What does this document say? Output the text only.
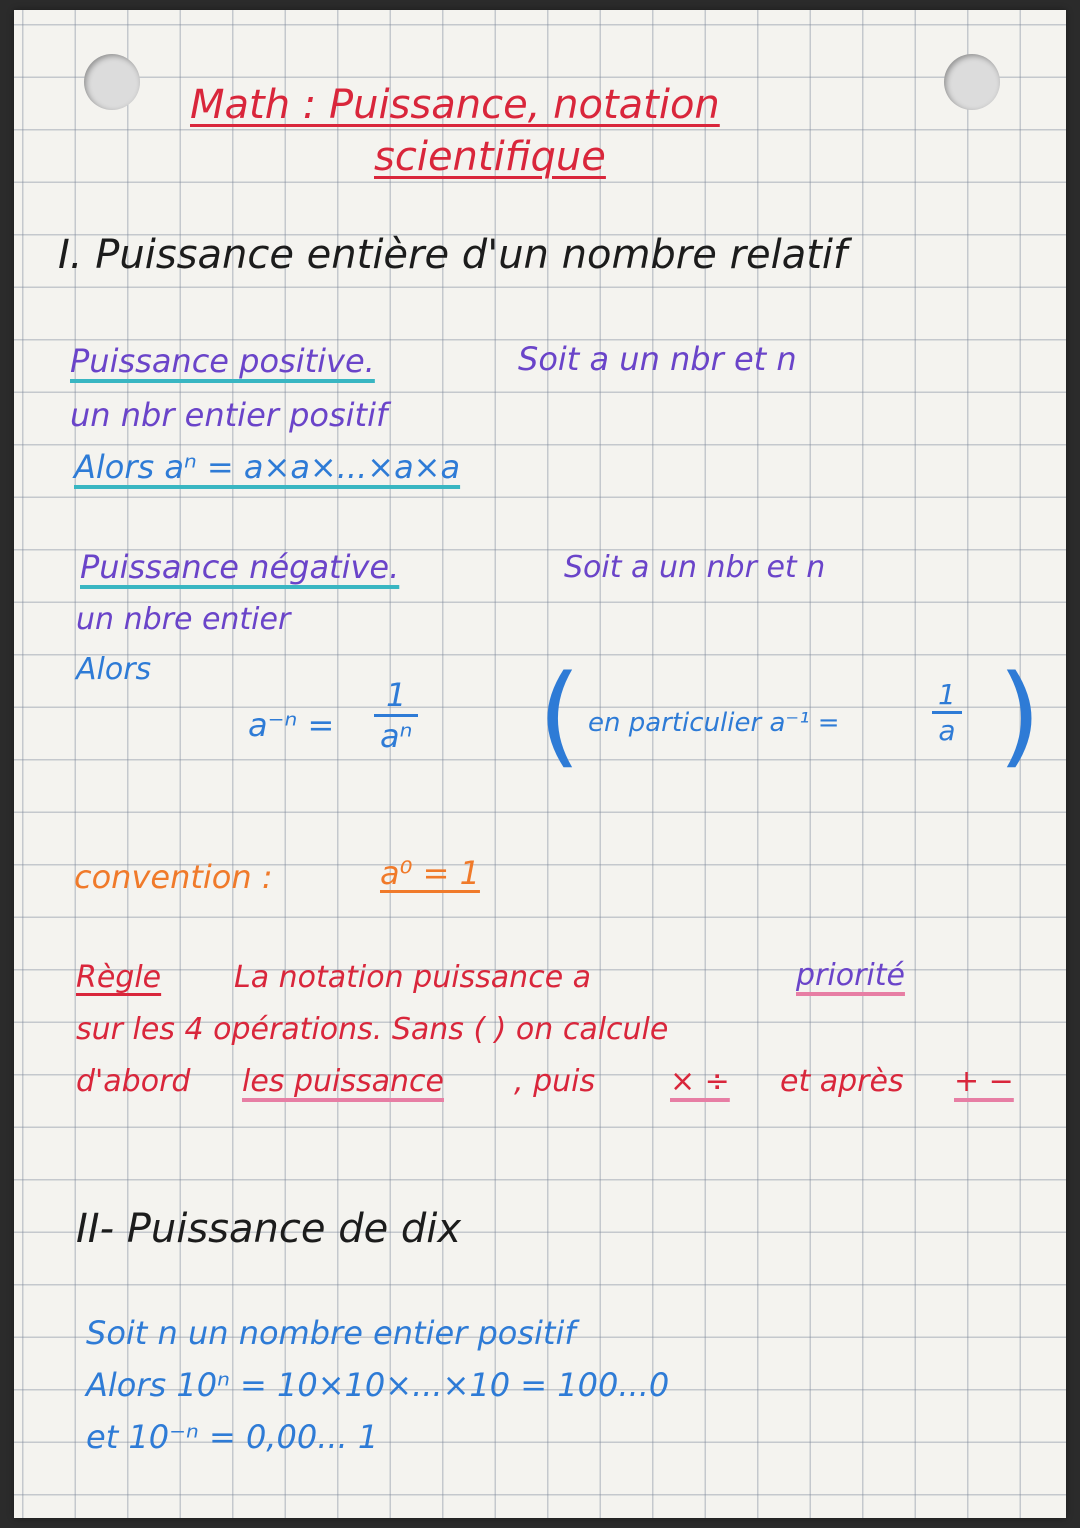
Math : Puissance, notation
scientifique
I. Puissance entière d'un nombre relatif
Puissance positive.	Soit a un nbr et n
un nbr entier positif
Alors aⁿ = a×a×...×a×a
Puissance négative.	Soit a un nbr et n
un nbre entier
Alors
a⁻ⁿ =
1
aⁿ ( en particulier a⁻¹ =
1
a )
convention :	a⁰ = 1
Règle La notation puissance a	priorité
sur les 4 opérations. Sans ( ) on calcule
d'abord les puissance , puis × ÷ et après + −
II- Puissance de dix
Soit n un nombre entier positif
Alors 10ⁿ = 10×10×...×10 = 100...0
et 10⁻ⁿ = 0,00... 1
